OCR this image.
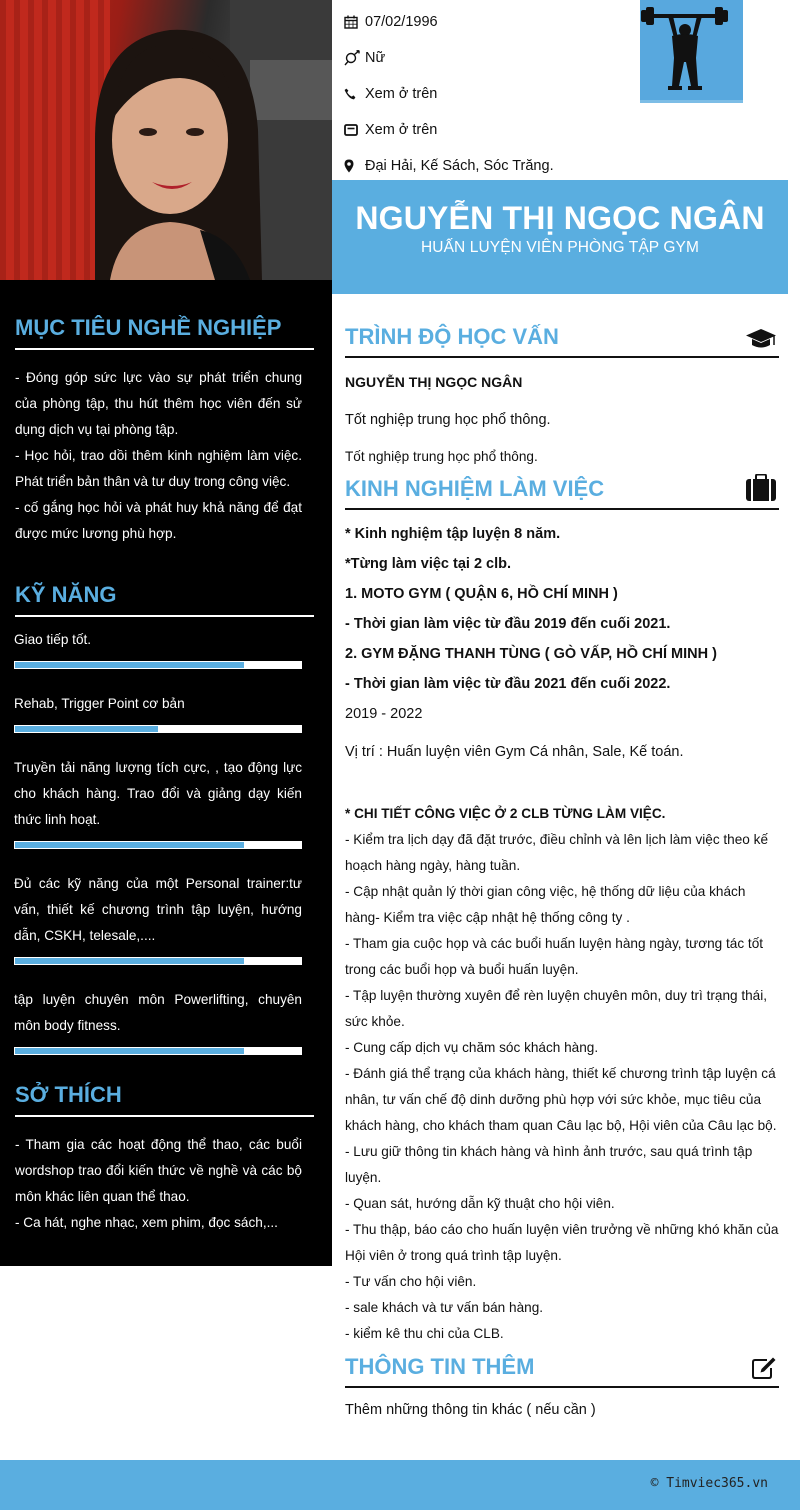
MỤC TIÊU NGHỀ NGHIỆP
- Đóng góp sức lực vào sự phát triển chung của phòng tập, thu hút thêm học viên đến sử dụng dịch vụ tại phòng tập.
- Học hỏi, trao dồi thêm kinh nghiệm làm việc. Phát triển bản thân và tư duy trong công việc.
- cố gắng học hỏi và phát huy khả năng để đạt được mức lương phù hợp.
KỸ NĂNG
Giao tiếp tốt.
Rehab, Trigger Point cơ bản
Truyền tải năng lượng tích cực, , tạo động lực cho khách hàng. Trao đổi và giảng dạy kiến thức linh hoạt.
Đủ các kỹ năng của một Personal trainer:tư vấn, thiết kế chương trình tập luyện, hướng dẫn, CSKH, telesale,....
tập luyện chuyên môn Powerlifting, chuyên môn body fitness.
SỞ THÍCH
- Tham gia các hoạt động thể thao, các buổi wordshop trao đổi kiến thức về nghề và các bộ môn khác liên quan thể thao.
- Ca hát, nghe nhạc, xem phim, đọc sách,...
07/02/1996
Nữ
Xem ở trên
Xem ở trên
Đại Hải, Kế Sách, Sóc Trăng.
NGUYỄN THỊ NGỌC NGÂN
HUẤN LUYỆN VIÊN PHÒNG TẬP GYM
TRÌNH ĐỘ HỌC VẤN
NGUYỄN THỊ NGỌC NGÂN
Tốt nghiệp trung học phổ thông.
Tốt nghiệp trung học phổ thông.
KINH NGHIỆM LÀM VIỆC
* Kinh nghiệm tập luyện 8 năm.
*Từng làm việc tại 2 clb.
1. MOTO GYM ( QUẬN 6, HỒ CHÍ MINH )
- Thời gian làm việc từ đầu 2019 đến cuối 2021.
2. GYM ĐẶNG THANH TÙNG ( GÒ VẤP, HỒ CHÍ MINH )
- Thời gian làm việc từ đầu 2021 đến cuối 2022.
2019 - 2022
Vị trí : Huấn luyện viên Gym Cá nhân, Sale, Kế toán.
* CHI TIẾT CÔNG VIỆC Ở 2 CLB TỪNG LÀM VIỆC.
- Kiểm tra lịch dạy đã đặt trước, điều chỉnh và lên lịch làm việc theo kế hoạch hàng ngày, hàng tuần.
- Cập nhật quản lý thời gian công việc, hệ thống dữ liệu của khách hàng- Kiểm tra việc cập nhật hệ thống công ty .
- Tham gia cuộc họp và các buổi huấn luyện hàng ngày, tương tác tốt trong các buổi họp và buổi huấn luyện.
- Tập luyện thường xuyên để rèn luyện chuyên môn, duy trì trạng thái, sức khỏe.
- Cung cấp dịch vụ chăm sóc khách hàng.
- Đánh giá thể trạng của khách hàng, thiết kế chương trình tập luyện cá nhân, tư vấn chế độ dinh dưỡng phù hợp với sức khỏe, mục tiêu của khách hàng, cho khách tham quan Câu lạc bộ, Hội viên của Câu lạc bộ.
- Lưu giữ thông tin khách hàng và hình ảnh trước, sau quá trình tập luyện.
- Quan sát, hướng dẫn kỹ thuật cho hội viên.
- Thu thập, báo cáo cho huấn luyện viên trưởng về những khó khăn của Hội viên ở trong quá trình tập luyện.
- Tư vấn cho hội viên.
- sale khách và tư vấn bán hàng.
- kiểm kê thu chi của CLB.
THÔNG TIN THÊM
Thêm những thông tin khác ( nếu cần )
© Timviec365.vn
